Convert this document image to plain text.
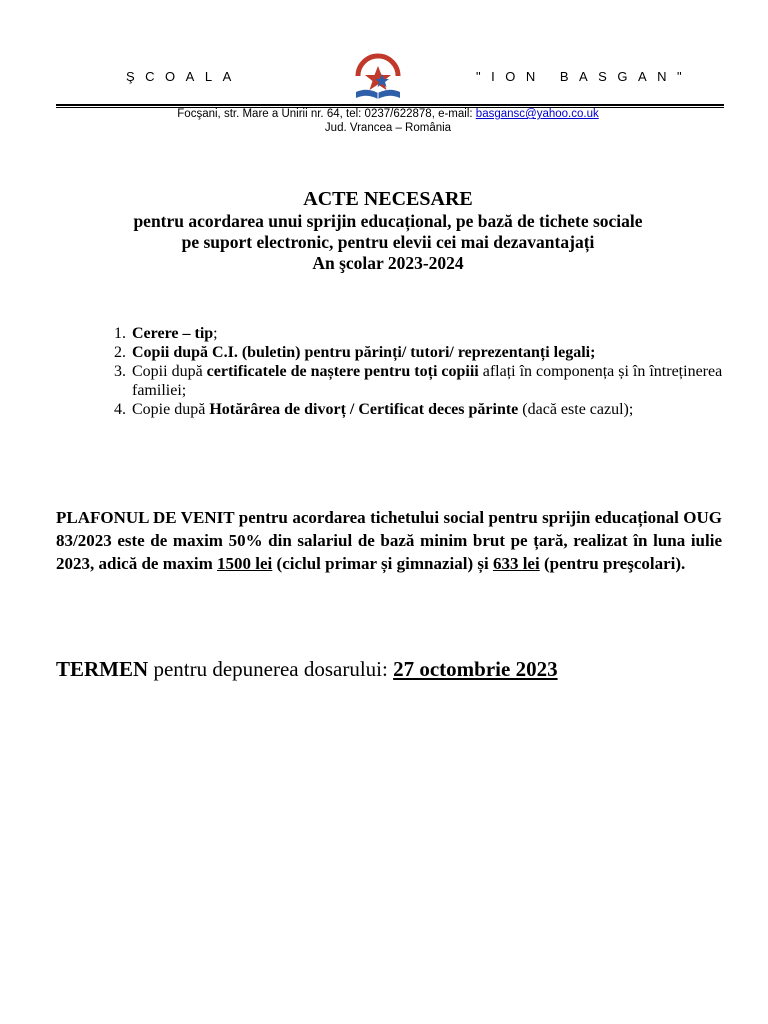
ŞCOALA	"ION BASGAN"
Focşani, str. Mare a Unirii nr. 64, tel: 0237/622878, e-mail: basgansc@yahoo.co.uk
Jud. Vrancea – România
ACTE NECESARE
pentru acordarea unui sprijin educațional, pe bază de tichete sociale
pe suport electronic, pentru elevii cei mai dezavantajați
An şcolar 2023-2024
1. Cerere – tip;
2. Copii după C.I. (buletin) pentru părinți/ tutori/ reprezentanți legali;
3. Copii după certificatele de naștere pentru toți copiii aflați în componența și în întreținerea familiei;
4. Copie după Hotărârea de divorț / Certificat deces părinte (dacă este cazul);
PLAFONUL DE VENIT pentru acordarea tichetului social pentru sprijin educațional OUG 83/2023 este de maxim 50% din salariul de bază minim brut pe țară, realizat în luna iulie 2023, adică de maxim 1500 lei (ciclul primar și gimnazial) și 633 lei (pentru preşcolari).
TERMEN pentru depunerea dosarului: 27 octombrie 2023
